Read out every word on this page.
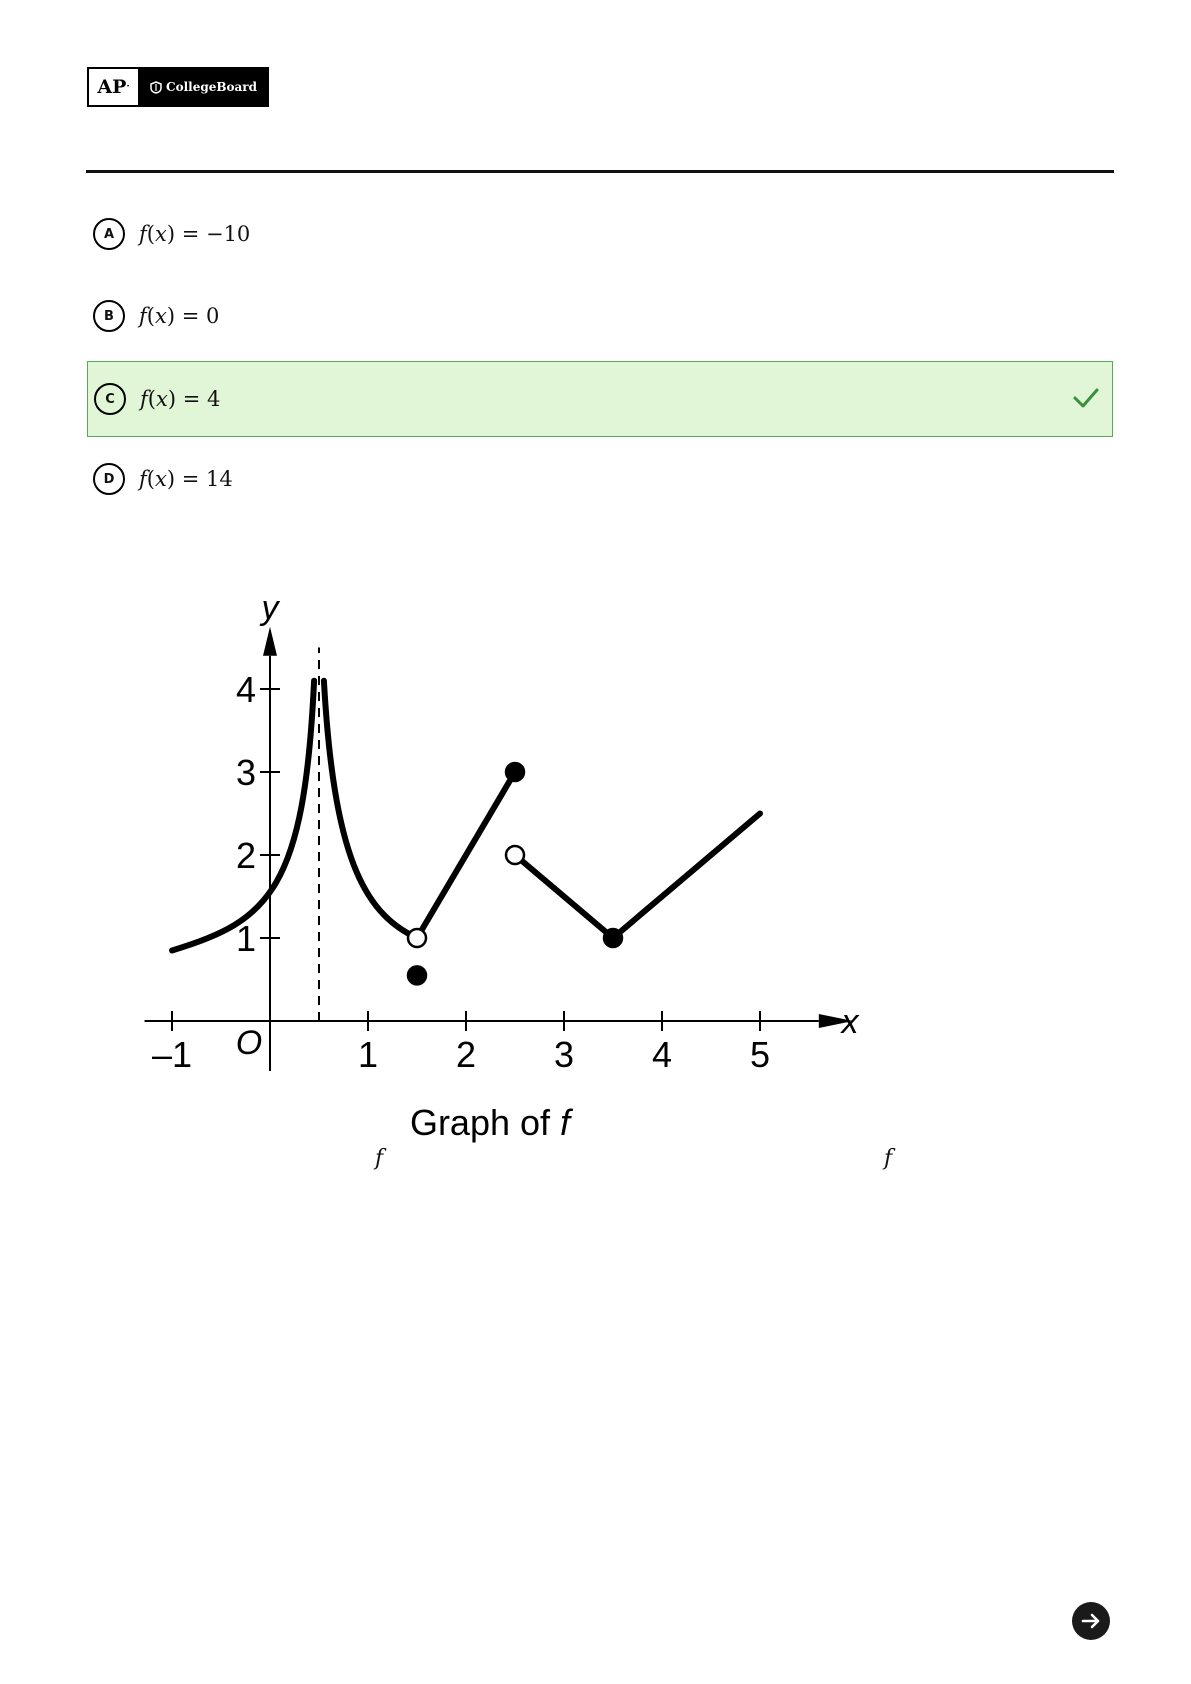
AP ·	CollegeBoard
A	f(x) = −10
B	f(x) = 0
C	f(x) = 4
D	f(x) = 14
O
Graph of f
–1	1 2 3 4 5
1
2
3
4
y
x
f	f
